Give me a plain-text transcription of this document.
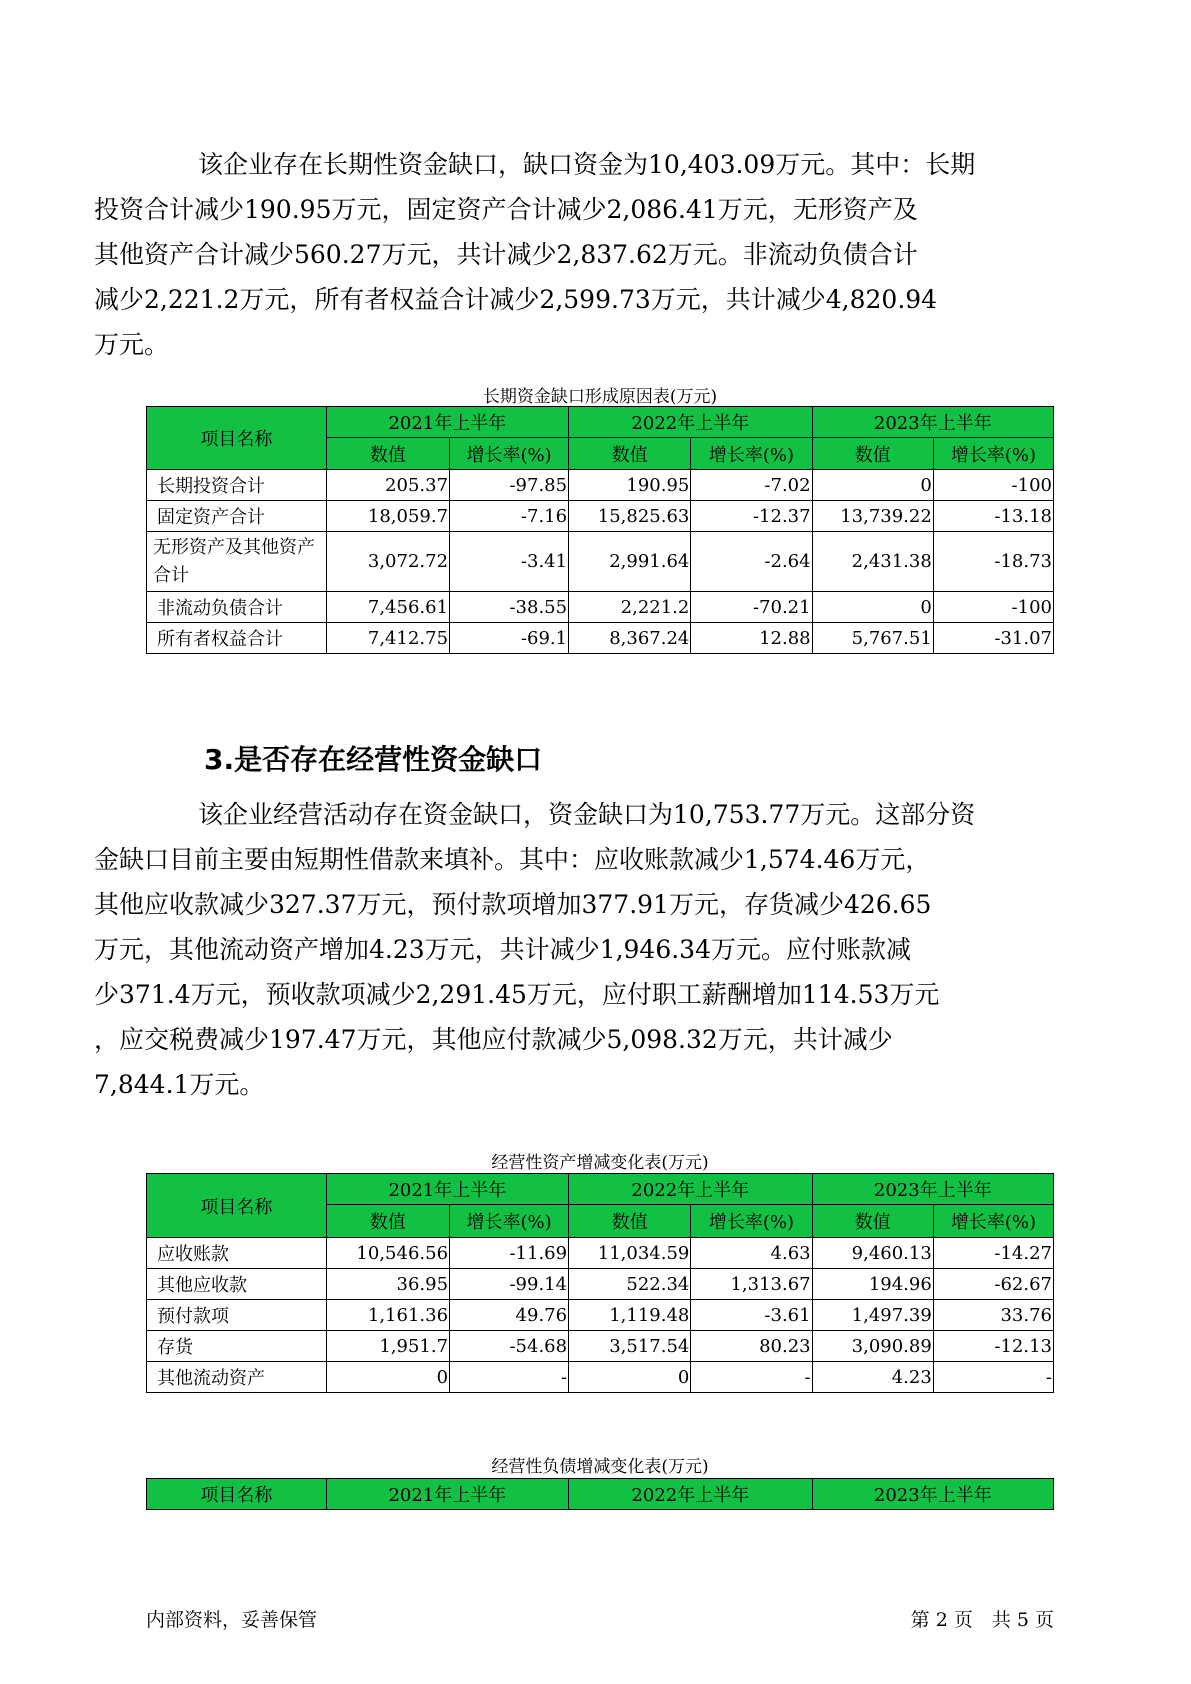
该企业存在长期性资金缺口，缺口资金为10,403.09万元。其中：长期
投资合计减少190.95万元，固定资产合计减少2,086.41万元，无形资产及
其他资产合计减少560.27万元，共计减少2,837.62万元。非流动负债合计
减少2,221.2万元，所有者权益合计减少2,599.73万元，共计减少4,820.94
万元。
长期资金缺口形成原因表(万元)
项目名称	2021年上半年		2022年上半年		2023年上半年	
	数值	增长率(%)	数值	增长率(%)	数值	增长率(%)
长期投资合计	205.37	-97.85	190.95	-7.02	0	-100
固定资产合计	18,059.7	-7.16	15,825.63	-12.37	13,739.22	-13.18
无形资产及其他资产合计	3,072.72	-3.41	2,991.64	-2.64	2,431.38	-18.73
非流动负债合计	7,456.61	-38.55	2,221.2	-70.21	0	-100
所有者权益合计	7,412.75	-69.1	8,367.24	12.88	5,767.51	-31.07
3.是否存在经营性资金缺口
该企业经营活动存在资金缺口，资金缺口为10,753.77万元。这部分资
金缺口目前主要由短期性借款来填补。其中：应收账款减少1,574.46万元，
其他应收款减少327.37万元，预付款项增加377.91万元，存货减少426.65
万元，其他流动资产增加4.23万元，共计减少1,946.34万元。应付账款减
少371.4万元，预收款项减少2,291.45万元，应付职工薪酬增加114.53万元
，应交税费减少197.47万元，其他应付款减少5,098.32万元，共计减少
7,844.1万元。
经营性资产增减变化表(万元)
项目名称	2021年上半年		2022年上半年		2023年上半年	
	数值	增长率(%)	数值	增长率(%)	数值	增长率(%)
应收账款	10,546.56	-11.69	11,034.59	4.63	9,460.13	-14.27
其他应收款	36.95	-99.14	522.34	1,313.67	194.96	-62.67
预付款项	1,161.36	49.76	1,119.48	-3.61	1,497.39	33.76
存货	1,951.7	-54.68	3,517.54	80.23	3,090.89	-12.13
其他流动资产	0	-	0	-	4.23	-
经营性负债增减变化表(万元)
项目名称	2021年上半年	2022年上半年	2023年上半年
内部资料，妥善保管	第 2 页　共 5 页
